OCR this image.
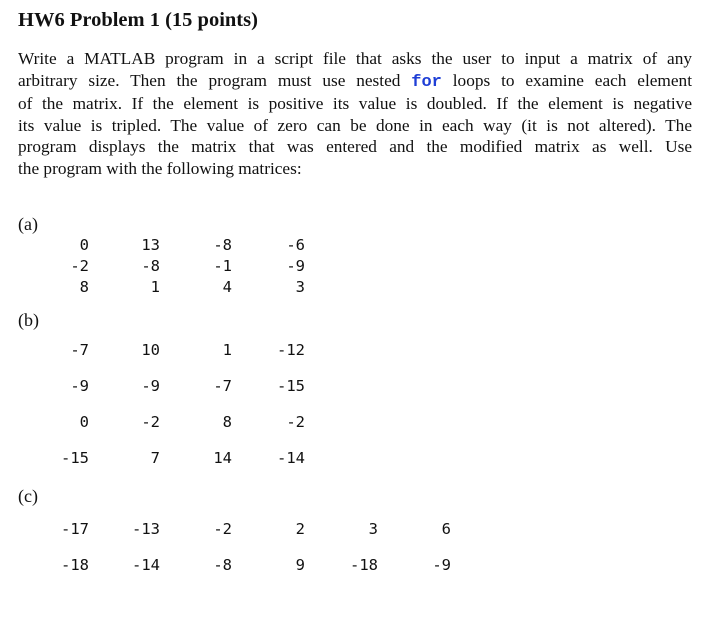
HW6 Problem 1 (15 points)
Write a MATLAB program in a script file that asks the user to input a matrix of any
arbitrary size. Then the program must use nested for loops to examine each element
of the matrix. If the element is positive its value is doubled. If the element is negative
its value is tripled. The value of zero can be done in each way (it is not altered). The
program displays the matrix that was entered and the modified matrix as well. Use
the program with the following matrices:
(a)
0	13	-8	-6
-2	-8	-1	-9
8	1	4	3
(b)
-7	10	1	-12
-9	-9	-7	-15
0	-2	8	-2
-15	7	14	-14
(c)
-17	-13	-2	2	3	6
-18	-14	-8	9	-18	-9
